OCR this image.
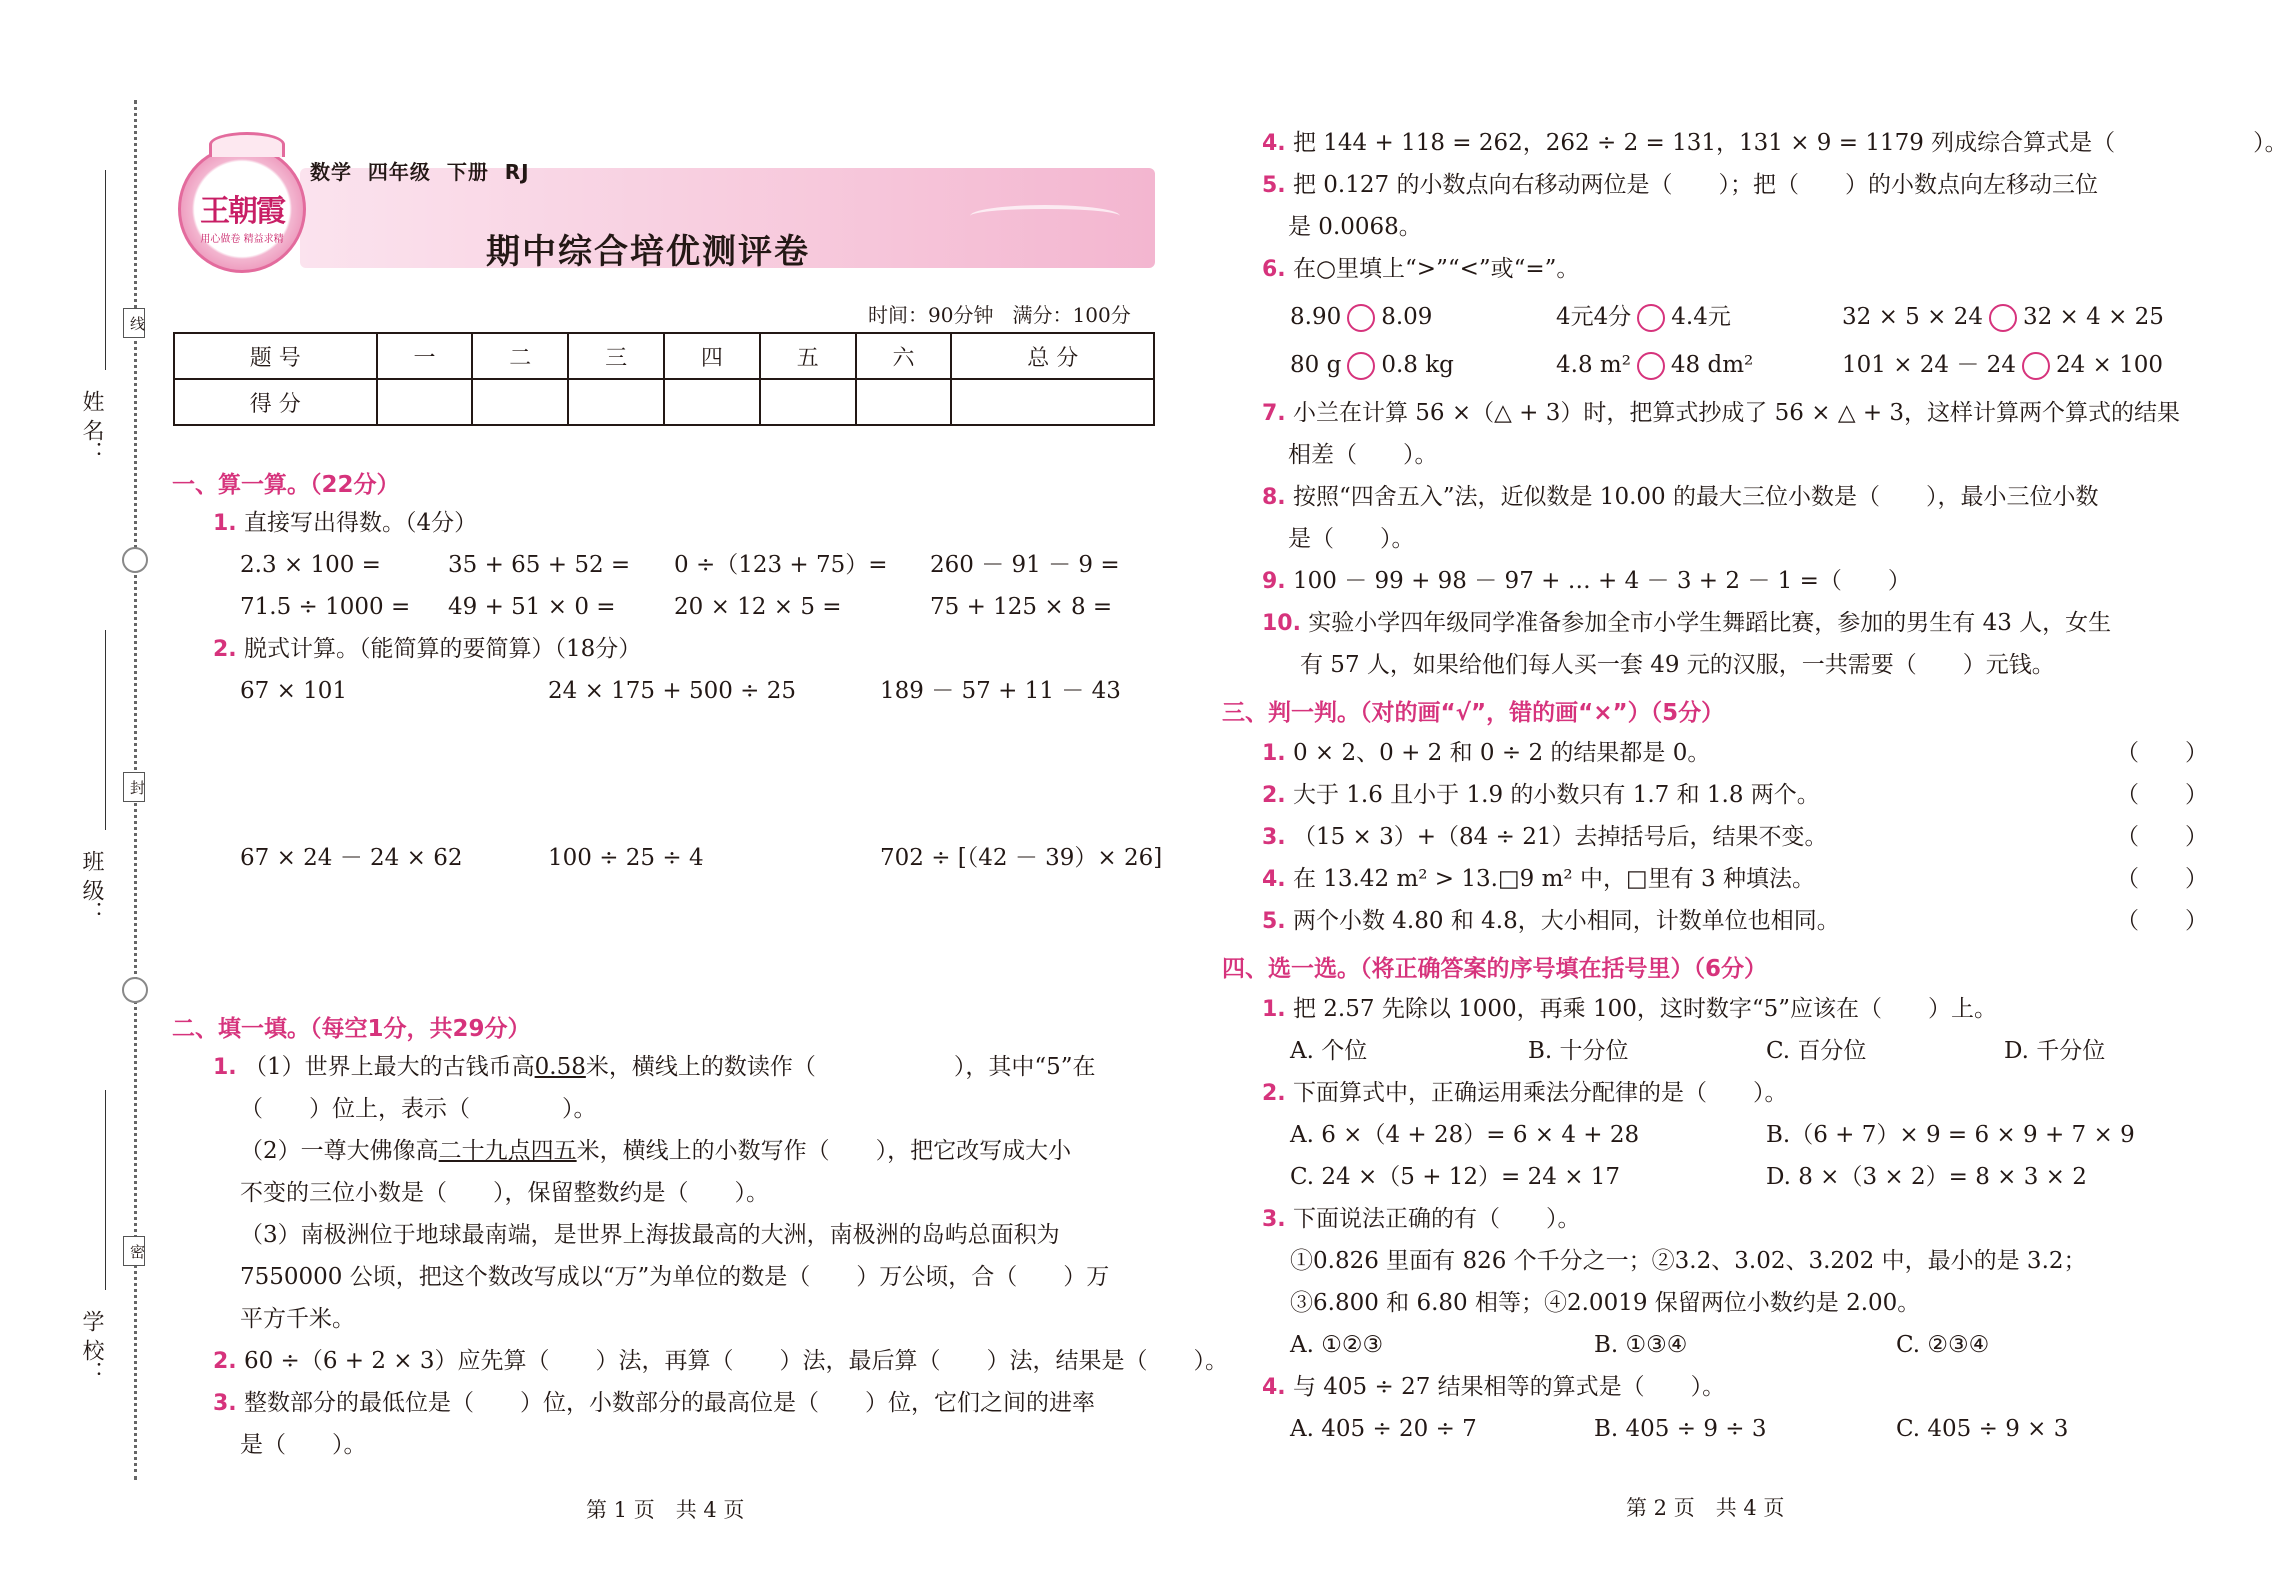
姓 名：
班 级：
学 校：
线
封
密
王朝霞
用心做卷 精益求精
数学  四年级  下册  RJ
期中综合培优测评卷
时间：90分钟   满分：100分
题 号	一	二	三	四	五	六	总 分
得 分							
一、算一算。（22分）
1. 直接写出得数。（4分）
2.3 × 100 =	35 + 65 + 52 = 0 ÷（123 + 75）= 260 － 91 － 9 =
71.5 ÷ 1000 = 49 + 51 × 0 =	20 × 12 × 5 =	75 + 125 × 8 =
2. 脱式计算。（能简算的要简算）（18分）
67 × 101	24 × 175 + 500 ÷ 25	189 － 57 + 11 － 43
67 × 24 － 24 × 62	100 ÷ 25 ÷ 4	702 ÷ [（42 － 39）× 26]
二、填一填。（每空1分，共29分）
1. （1）世界上最大的古钱币高0.58米，横线上的数读作（　　　　　　），其中“5”在
（　　）位上，表示（　　　　）。
（2）一尊大佛像高二十九点四五米，横线上的小数写作（　　），把它改写成大小
不变的三位小数是（　　），保留整数约是（　　）。
（3）南极洲位于地球最南端，是世界上海拔最高的大洲，南极洲的岛屿总面积为
7550000 公顷，把这个数改写成以“万”为单位的数是（　　）万公顷，合（　　）万
平方千米。
2. 60 ÷（6 + 2 × 3）应先算（　　）法，再算（　　）法，最后算（　　）法，结果是（　　）。
3. 整数部分的最低位是（　　）位，小数部分的最高位是（　　）位，它们之间的进率
是（　　）。
第 1 页　共 4 页
4. 把 144 + 118 = 262，262 ÷ 2 = 131，131 × 9 = 1179 列成综合算式是（　　　　　　）。
5. 把 0.127 的小数点向右移动两位是（　　）；把（　　）的小数点向左移动三位
是 0.0068。
6. 在○里填上“>”“<”或“=”。
8.90 8.09	4元4分 4.4元	32 × 5 × 24 32 × 4 × 25
80 g 0.8 kg	4.8 m² 48 dm²	101 × 24 － 24 24 × 100
7. 小兰在计算 56 ×（△ + 3）时，把算式抄成了 56 × △ + 3，这样计算两个算式的结果
相差（　　）。
8. 按照“四舍五入”法，近似数是 10.00 的最大三位小数是（　　），最小三位小数
是（　　）。
9. 100 － 99 + 98 － 97 + … + 4 － 3 + 2 － 1 =（　　）
10. 实验小学四年级同学准备参加全市小学生舞蹈比赛，参加的男生有 43 人，女生
有 57 人，如果给他们每人买一套 49 元的汉服，一共需要（　　）元钱。
三、判一判。（对的画“√”，错的画“×”）（5分）
1. 0 × 2、0 + 2 和 0 ÷ 2 的结果都是 0。	（　　）
2. 大于 1.6 且小于 1.9 的小数只有 1.7 和 1.8 两个。	（　　）
3. （15 × 3）+（84 ÷ 21）去掉括号后，结果不变。	（　　）
4. 在 13.42 m² > 13.□9 m² 中，□里有 3 种填法。	（　　）
5. 两个小数 4.80 和 4.8，大小相同，计数单位也相同。	（　　）
四、选一选。（将正确答案的序号填在括号里）（6分）
1. 把 2.57 先除以 1000，再乘 100，这时数字“5”应该在（　　）上。
A. 个位	B. 十分位	C. 百分位	D. 千分位
2. 下面算式中，正确运用乘法分配律的是（　　）。
A. 6 ×（4 + 28）= 6 × 4 + 28	B.（6 + 7）× 9 = 6 × 9 + 7 × 9
C. 24 ×（5 + 12）= 24 × 17	D. 8 ×（3 × 2）= 8 × 3 × 2
3. 下面说法正确的有（　　）。
①0.826 里面有 826 个千分之一；②3.2、3.02、3.202 中，最小的是 3.2；
③6.800 和 6.80 相等；④2.0019 保留两位小数约是 2.00。
A. ①②③	B. ①③④	C. ②③④
4. 与 405 ÷ 27 结果相等的算式是（　　）。
A. 405 ÷ 20 ÷ 7	B. 405 ÷ 9 ÷ 3	C. 405 ÷ 9 × 3
第 2 页　共 4 页
